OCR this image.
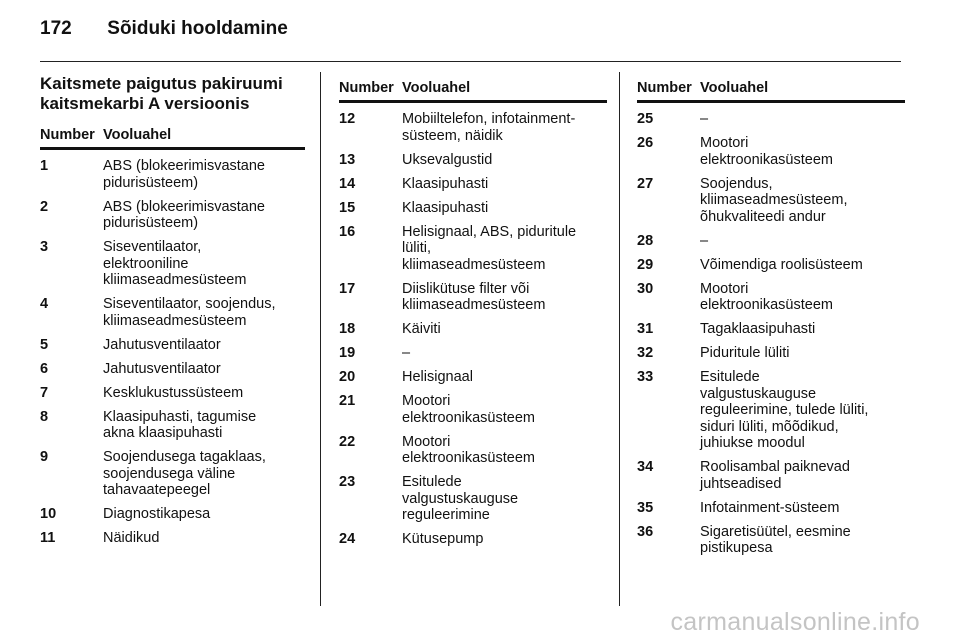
172 Sõiduki hooldamine
Kaitsmete paigutus pakiruumi
kaitsmekarbi A versioonis
Number Vooluahel
1	ABS (blokeerimisvastane
pidurisüsteem)
2	ABS (blokeerimisvastane
pidurisüsteem)
3	Siseventilaator,
elektrooniline
kliimaseadmesüsteem
4	Siseventilaator, soojendus,
kliimaseadmesüsteem
5	Jahutusventilaator
6	Jahutusventilaator
7	Kesklukustussüsteem
8	Klaasipuhasti, tagumise
akna klaasipuhasti
9	Soojendusega tagaklaas,
soojendusega väline
tahavaatepeegel
10	Diagnostikapesa
11	Näidikud
Number Vooluahel
12	Mobiiltelefon, infotainment-
süsteem, näidik
13	Uksevalgustid
14	Klaasipuhasti
15	Klaasipuhasti
16	Helisignaal, ABS, piduritule
lüliti,
kliimaseadmesüsteem
17	Diislikütuse filter või
kliimaseadmesüsteem
18	Käiviti
19	–
20	Helisignaal
21	Mootori
elektroonikasüsteem
22	Mootori
elektroonikasüsteem
23	Esitulede
valgustuskauguse
reguleerimine
24	Kütusepump
Number Vooluahel
25	–
26	Mootori
elektroonikasüsteem
27	Soojendus,
kliimaseadmesüsteem,
õhukvaliteedi andur
28	–
29	Võimendiga roolisüsteem
30	Mootori
elektroonikasüsteem
31	Tagaklaasipuhasti
32	Piduritule lüliti
33	Esitulede
valgustuskauguse
reguleerimine, tulede lüliti,
siduri lüliti, mõõdikud,
juhiukse moodul
34	Roolisambal paiknevad
juhtseadised
35	Infotainment-süsteem
36	Sigaretisüütel, eesmine
pistikupesa
carmanualsonline.info
